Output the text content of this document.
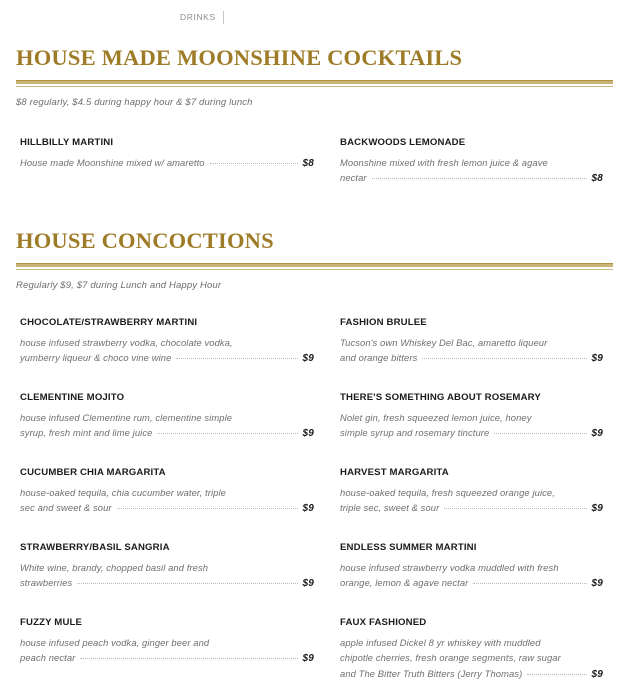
DRINKS
HOUSE MADE MOONSHINE COCKTAILS
$8 regularly, $4.5 during happy hour & $7 during lunch
HILLBILLY MARTINI
House made Moonshine mixed w/ amaretto	$8
BACKWOODS LEMONADE
Moonshine mixed with fresh lemon juice & agave
nectar	$8
HOUSE CONCOCTIONS
Regularly $9, $7 during Lunch and Happy Hour
CHOCOLATE/STRAWBERRY MARTINI
house infused strawberry vodka, chocolate vodka,
yumberry liqueur & choco vine wine	$9
FASHION BRULEE
Tucson's own Whiskey Del Bac, amaretto liqueur
and orange bitters	$9
CLEMENTINE MOJITO
house infused Clementine rum, clementine simple
syrup, fresh mint and lime juice	$9
THERE'S SOMETHING ABOUT ROSEMARY
Nolet gin, fresh squeezed lemon juice, honey
simple syrup and rosemary tincture	$9
CUCUMBER CHIA MARGARITA
house-oaked tequila, chia cucumber water, triple
sec and sweet & sour	$9
HARVEST MARGARITA
house-oaked tequila, fresh squeezed orange juice,
triple sec, sweet & sour	$9
STRAWBERRY/BASIL SANGRIA
White wine, brandy, chopped basil and fresh
strawberries	$9
ENDLESS SUMMER MARTINI
house infused strawberry vodka muddled with fresh
orange, lemon & agave nectar	$9
FUZZY MULE
house infused peach vodka, ginger beer and
peach nectar	$9
FAUX FASHIONED
apple infused Dickel 8 yr whiskey with muddled
chipotle cherries, fresh orange segments, raw sugar
and The Bitter Truth Bitters (Jerry Thomas)	$9
